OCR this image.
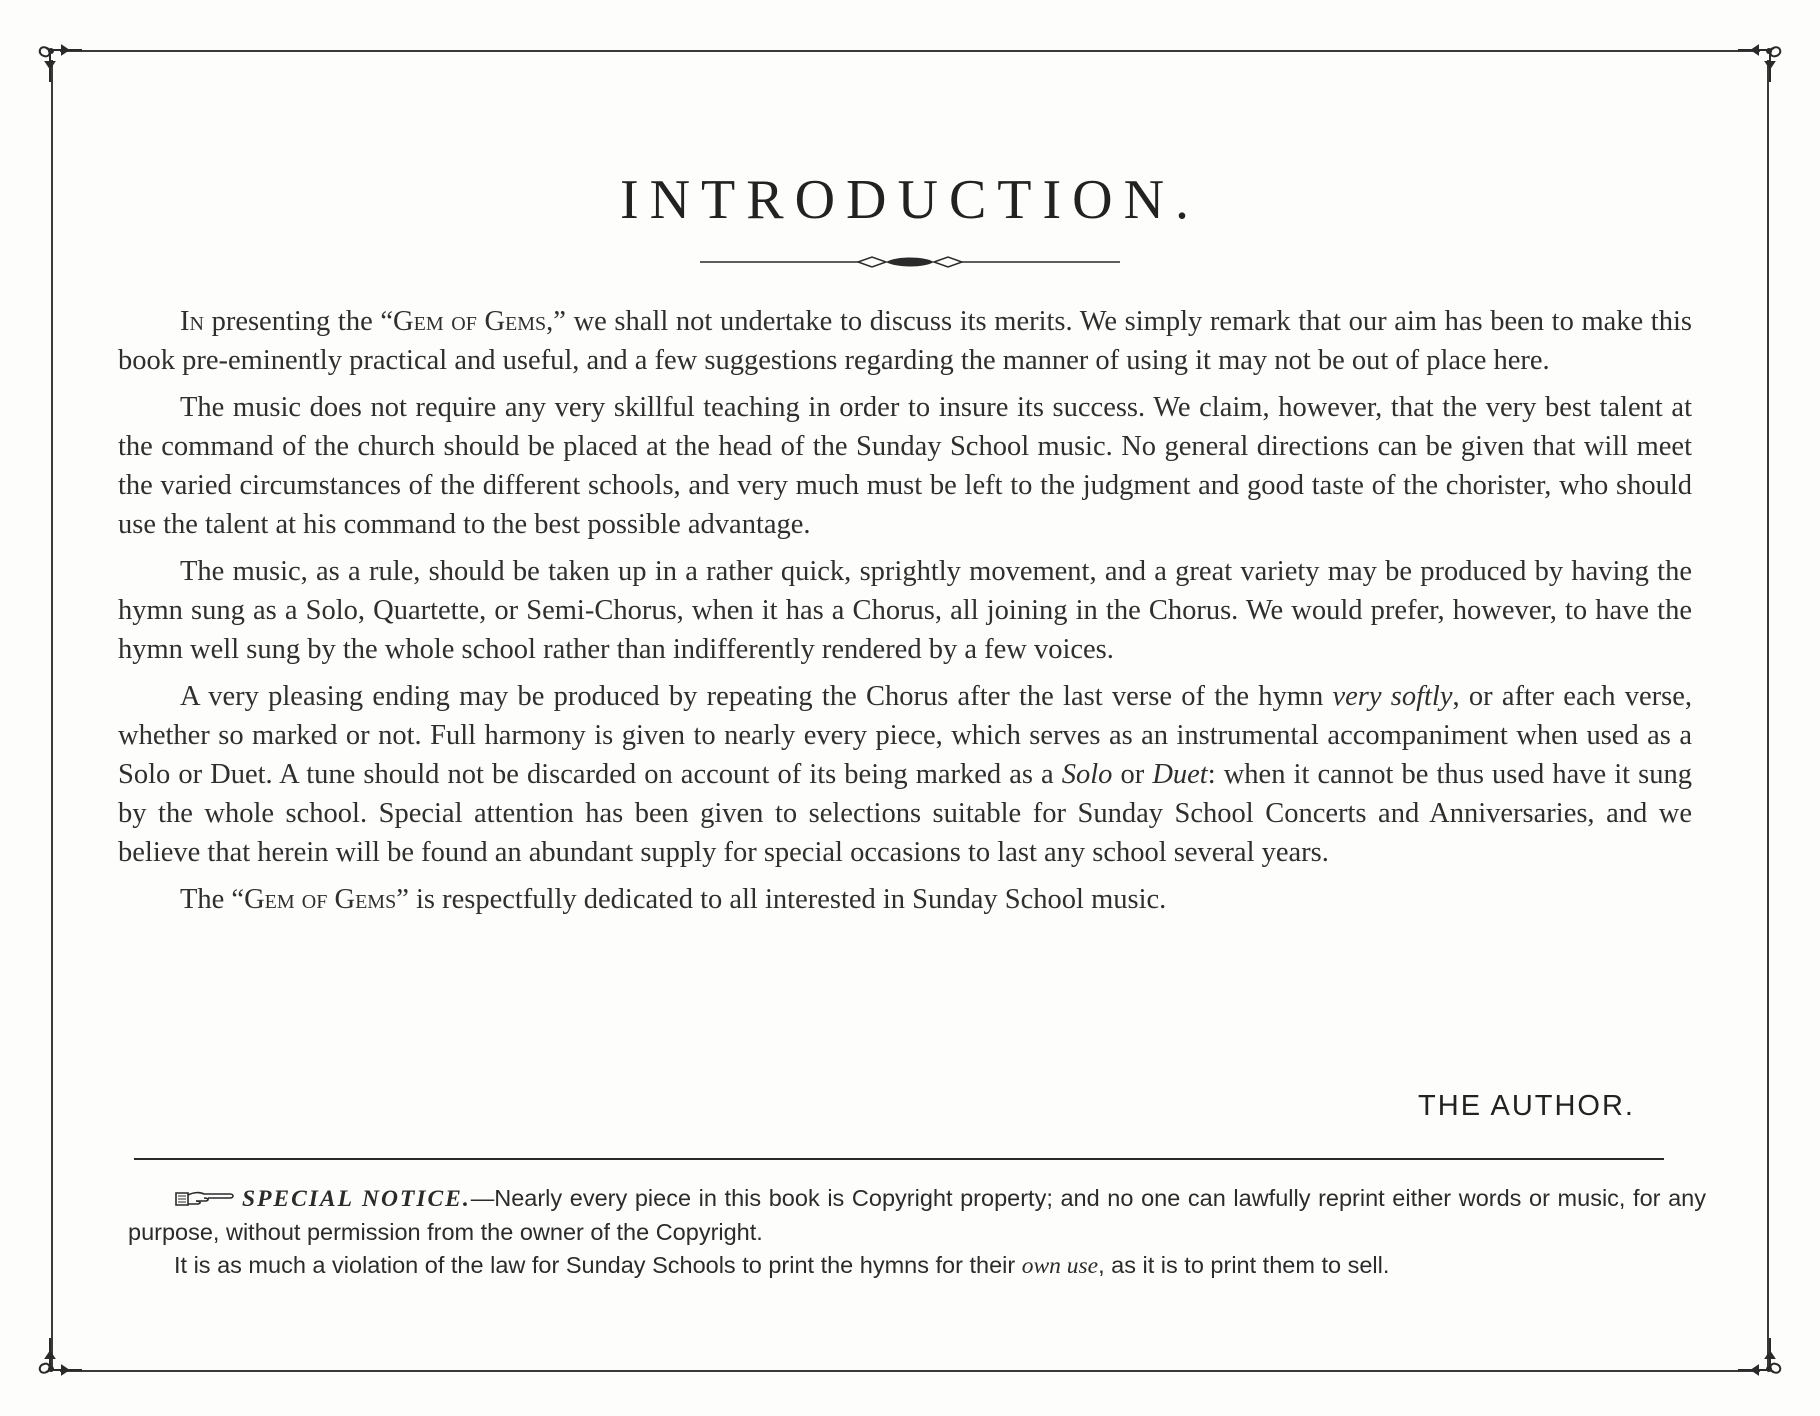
INTRODUCTION.

In presenting the “Gem of Gems,” we shall not undertake to discuss its merits. We simply remark that our aim has been to make this book pre-eminently practical and useful, and a few suggestions regarding the manner of using it may not be out of place here.

The music does not require any very skillful teaching in order to insure its success. We claim, however, that the very best talent at the command of the church should be placed at the head of the Sunday School music. No general directions can be given that will meet the varied circumstances of the different schools, and very much must be left to the judgment and good taste of the chorister, who should use the talent at his command to the best possible advantage.

The music, as a rule, should be taken up in a rather quick, sprightly movement, and a great variety may be produced by having the hymn sung as a Solo, Quartette, or Semi-Chorus, when it has a Chorus, all joining in the Chorus. We would prefer, however, to have the hymn well sung by the whole school rather than indifferently rendered by a few voices.

A very pleasing ending may be produced by repeating the Chorus after the last verse of the hymn very softly, or after each verse, whether so marked or not. Full harmony is given to nearly every piece, which serves as an instrumental accompaniment when used as a Solo or Duet. A tune should not be discarded on account of its being marked as a Solo or Duet: when it cannot be thus used have it sung by the whole school. Special attention has been given to selections suitable for Sunday School Concerts and Anniversaries, and we believe that herein will be found an abundant supply for special occasions to last any school several years.

The “Gem of Gems” is respectfully dedicated to all interested in Sunday School music.

THE AUTHOR.

SPECIAL NOTICE.—Nearly every piece in this book is Copyright property; and no one can lawfully reprint either words or music, for any purpose, without permission from the owner of the Copyright.

It is as much a violation of the law for Sunday Schools to print the hymns for their own use, as it is to print them to sell.
